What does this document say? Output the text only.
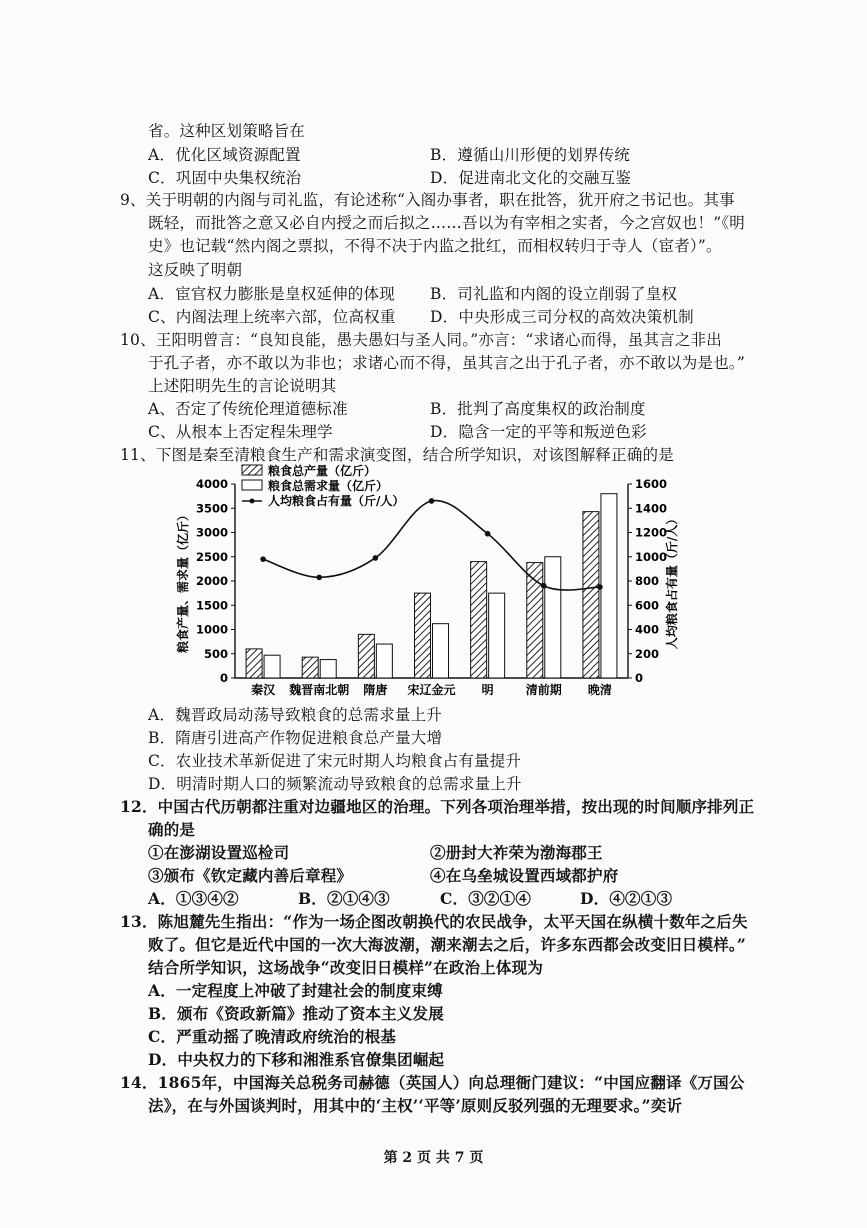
省。这种区划策略旨在
A．优化区域资源配置	B．遵循山川形便的划界传统
C．巩固中央集权统治	D．促进南北文化的交融互鉴
9、关于明朝的内阁与司礼监，有论述称“入阁办事者，职在批答，犹开府之书记也。其事
既轻，而批答之意又必自内授之而后拟之……吾以为有宰相之实者，今之宫奴也！”《明
史》也记载“然内阁之票拟，不得不决于内监之批红，而相权转归于寺人（宦者）”。
这反映了明朝
A．宦官权力膨胀是皇权延伸的体现 B．司礼监和内阁的设立削弱了皇权
C、内阁法理上统率六部，位高权重 D．中央形成三司分权的高效决策机制
10、王阳明曾言：“良知良能，愚夫愚妇与圣人同。”亦言：“求诸心而得，虽其言之非出
于孔子者，亦不敢以为非也；求诸心而不得，虽其言之出于孔子者，亦不敢以为是也。”
上述阳明先生的言论说明其
A、否定了传统伦理道德标准	B．批判了高度集权的政治制度
C、从根本上否定程朱理学	D．隐含一定的平等和叛逆色彩
11、下图是秦至清粮食生产和需求演变图，结合所学知识，对该图解释正确的是
0
500
1000
1500
2000
2500
3000
3500
4000
0
200
400
600
800
1000
1200
1400
1600
粮食产量、需求量（亿斤）	人均粮食占有量（斤/人）
秦汉 魏晋南北朝 隋唐 宋辽金元 明	清前期 晚清
粮食总产量（亿斤）
粮食总需求量（亿斤）
人均粮食占有量（斤/人）
A．魏晋政局动荡导致粮食的总需求量上升
B．隋唐引进高产作物促进粮食总产量大增
C．农业技术革新促进了宋元时期人均粮食占有量提升
D．明清时期人口的频繁流动导致粮食的总需求量上升
12．中国古代历朝都注重对边疆地区的治理。下列各项治理举措，按出现的时间顺序排列正
确的是
①在澎湖设置巡检司	②册封大祚荣为渤海郡王
③颁布《钦定藏内善后章程》	④在乌垒城设置西域都护府
A．①③④②	B．②①④③	C．③②①④	D．④②①③
13．陈旭麓先生指出：“作为一场企图改朝换代的农民战争，太平天国在纵横十数年之后失
败了。但它是近代中国的一次大海波潮，潮来潮去之后，许多东西都会改变旧日模样。”
结合所学知识，这场战争“改变旧日模样”在政治上体现为
A．一定程度上冲破了封建社会的制度束缚
B．颁布《资政新篇》推动了资本主义发展
C．严重动摇了晚清政府统治的根基
D．中央权力的下移和湘淮系官僚集团崛起
14．1865年，中国海关总税务司赫德（英国人）向总理衙门建议：“中国应翻译《万国公
法》，在与外国谈判时，用其中的‘主权’‘平等’原则反驳列强的无理要求。”奕䜣
第 2 页 共 7 页
